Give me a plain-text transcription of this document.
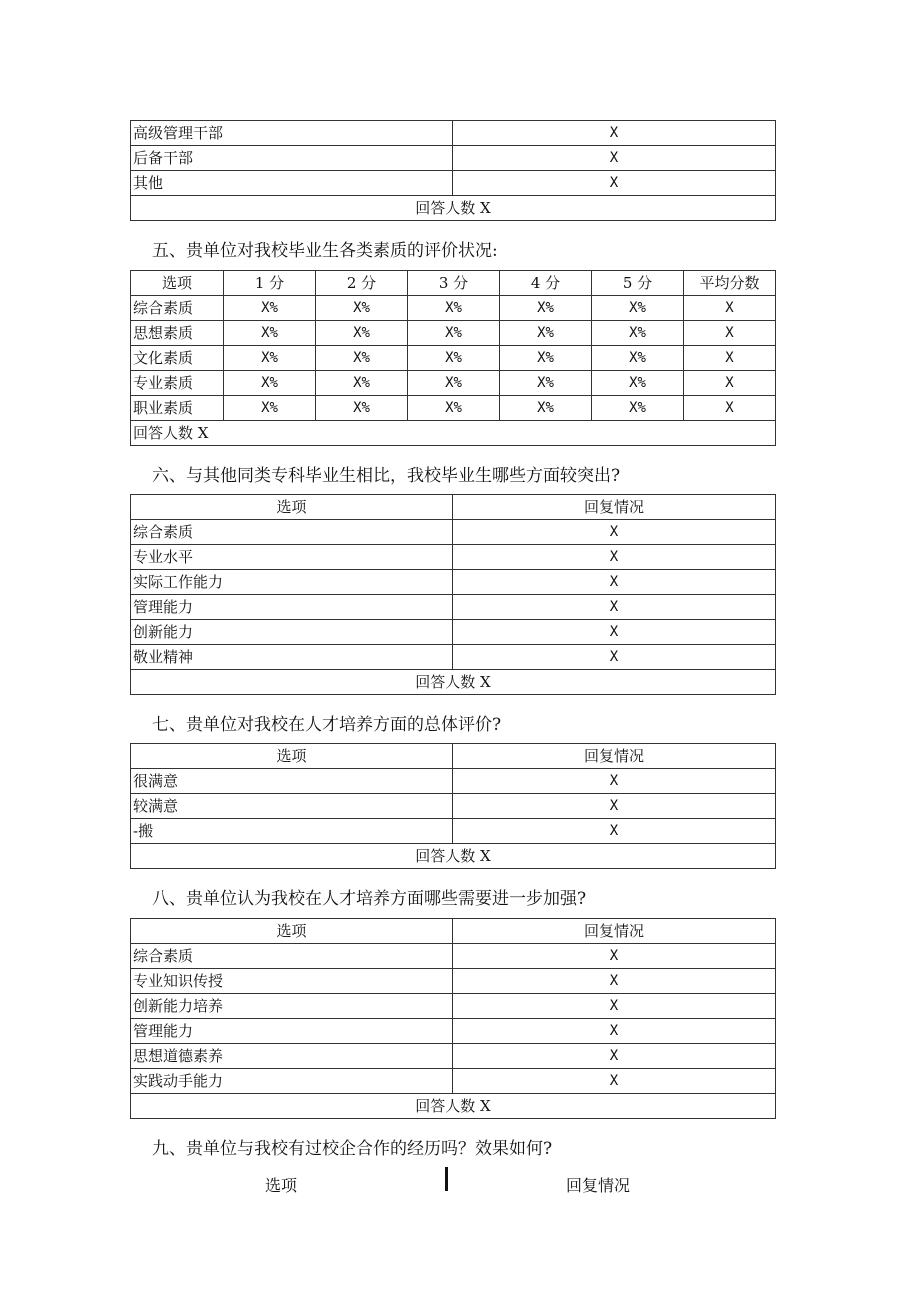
高级管理干部	X
后备干部	X
其他	X
回答人数 X	
五、贵单位对我校毕业生各类素质的评价状况:
选项	1 分	2 分	3 分	4 分	5 分	平均分数
综合素质	X%	X%	X%	X%	X%	X
思想素质	X%	X%	X%	X%	X%	X
文化素质	X%	X%	X%	X%	X%	X
专业素质	X%	X%	X%	X%	X%	X
职业素质	X%	X%	X%	X%	X%	X
回答人数 X						
六、与其他同类专科毕业生相比，我校毕业生哪些方面较突出?
选项	回复情况
综合素质	X
专业水平	X
实际工作能力	X
管理能力	X
创新能力	X
敬业精神	X
回答人数 X	
七、贵单位对我校在人才培养方面的总体评价?
选项	回复情况
很满意	X
较满意	X
-搬	X
回答人数 X	
八、贵单位认为我校在人才培养方面哪些需要进一步加强?
选项	回复情况
综合素质	X
专业知识传授	X
创新能力培养	X
管理能力	X
思想道德素养	X
实践动手能力	X
回答人数 X	
九、贵单位与我校有过校企合作的经历吗？效果如何?
选项	回复情况
